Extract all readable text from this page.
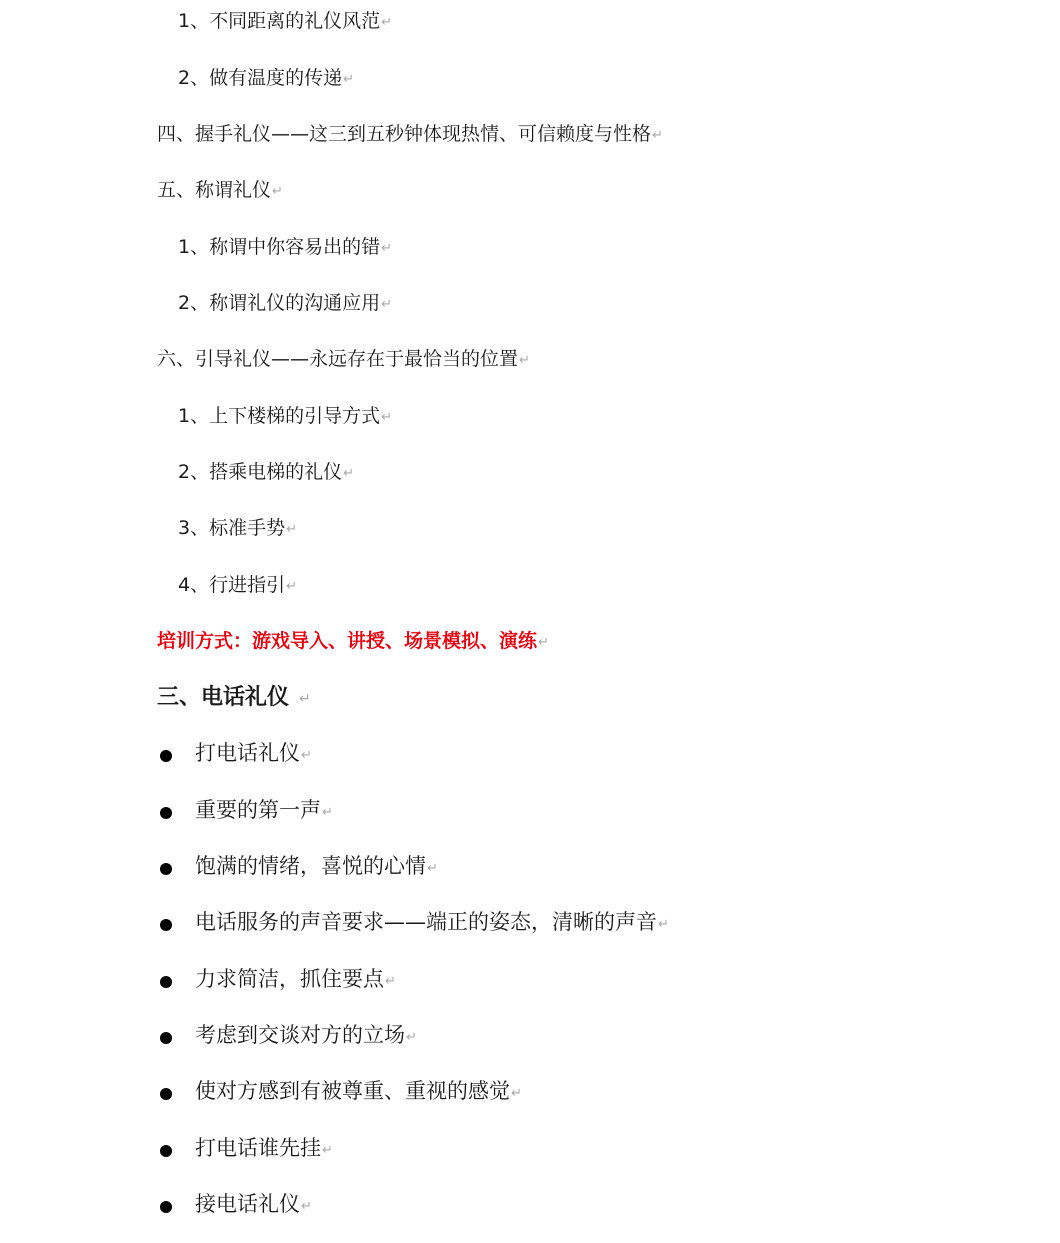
1、不同距离的礼仪风范↵
2、做有温度的传递↵
四、握手礼仪——这三到五秒钟体现热情、可信赖度与性格↵
五、称谓礼仪↵
1、称谓中你容易出的错↵
2、称谓礼仪的沟通应用↵
六、引导礼仪——永远存在于最恰当的位置↵
1、上下楼梯的引导方式↵
2、搭乘电梯的礼仪↵
3、标准手势↵
4、行进指引↵
培训方式：游戏导入、讲授、场景模拟、演练↵
三、电话礼仪 ↵
打电话礼仪↵
重要的第一声↵
饱满的情绪，喜悦的心情↵
电话服务的声音要求——端正的姿态，清晰的声音↵
力求简洁，抓住要点↵
考虑到交谈对方的立场↵
使对方感到有被尊重、重视的感觉↵
打电话谁先挂↵
接电话礼仪↵
